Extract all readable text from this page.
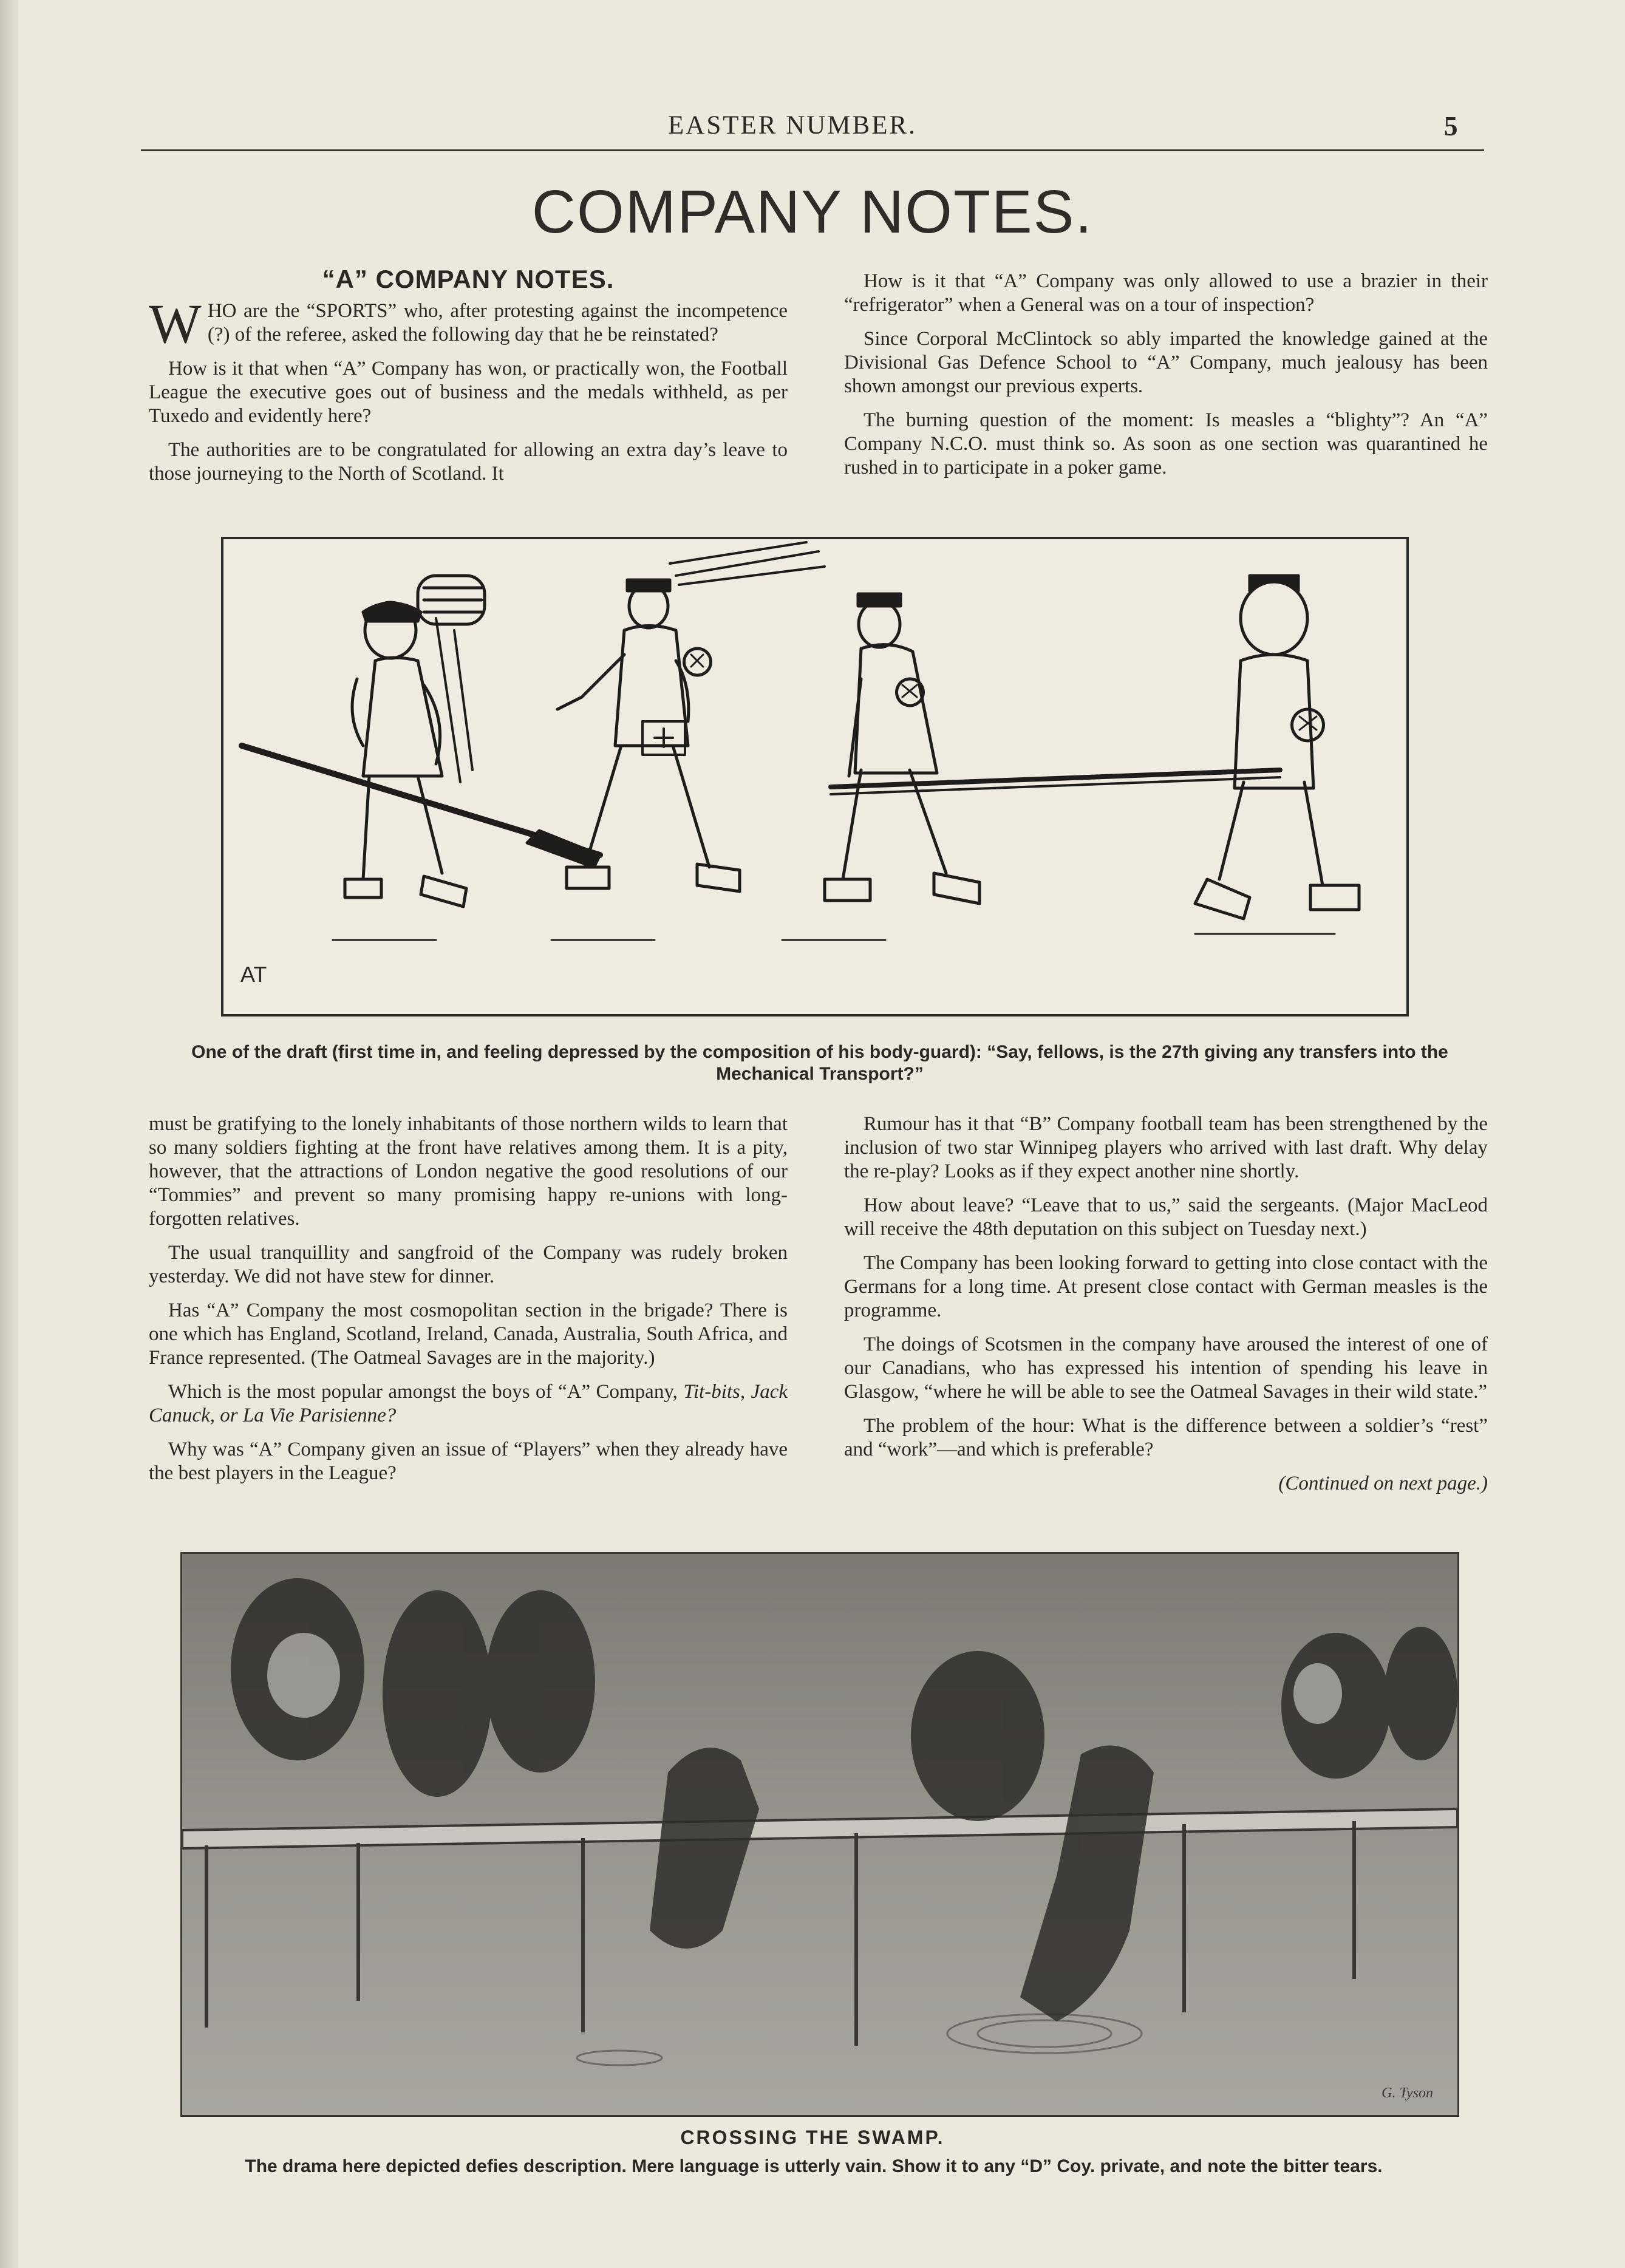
EASTER NUMBER.	5
COMPANY NOTES.
“A” COMPANY NOTES.

WHO are the “SPORTS” who, after protesting against the incompetence (?) of the referee, asked the following day that he be reinstated?

How is it that when “A” Company has won, or practically won, the Football League the executive goes out of business and the medals withheld, as per Tuxedo and evidently here?

The authorities are to be congratulated for allowing an extra day’s leave to those journeying to the North of Scotland. It

How is it that “A” Company was only allowed to use a brazier in their “refrigerator” when a General was on a tour of inspection?

Since Corporal McClintock so ably imparted the knowledge gained at the Divisional Gas Defence School to “A” Company, much jealousy has been shown amongst our previous experts.

The burning question of the moment: Is measles a “blighty”? An “A” Company N.C.O. must think so. As soon as one section was quarantined he rushed in to participate in a poker game.

AT
One of the draft (first time in, and feeling depressed by the composition of his body-guard): “Say, fellows, is the 27th giving any transfers into the Mechanical Transport?”

must be gratifying to the lonely inhabitants of those northern wilds to learn that so many soldiers fighting at the front have relatives among them. It is a pity, however, that the attractions of London negative the good resolutions of our “Tommies” and prevent so many promising happy re-unions with long-forgotten relatives.

The usual tranquillity and sangfroid of the Company was rudely broken yesterday. We did not have stew for dinner.

Has “A” Company the most cosmopolitan section in the brigade? There is one which has England, Scotland, Ireland, Canada, Australia, South Africa, and France represented. (The Oatmeal Savages are in the majority.)

Which is the most popular amongst the boys of “A” Company, Tit-bits, Jack Canuck, or La Vie Parisienne?

Why was “A” Company given an issue of “Players” when they already have the best players in the League?

Rumour has it that “B” Company football team has been strengthened by the inclusion of two star Winnipeg players who arrived with last draft. Why delay the re-play? Looks as if they expect another nine shortly.

How about leave? “Leave that to us,” said the sergeants. (Major MacLeod will receive the 48th deputation on this subject on Tuesday next.)

The Company has been looking forward to getting into close contact with the Germans for a long time. At present close contact with German measles is the programme.

The doings of Scotsmen in the company have aroused the interest of one of our Canadians, who has expressed his intention of spending his leave in Glasgow, “where he will be able to see the Oatmeal Savages in their wild state.”

The problem of the hour: What is the difference between a soldier’s “rest” and “work”—and which is preferable?

(Continued on next page.)

G. Tyson
CROSSING THE SWAMP.
The drama here depicted defies description. Mere language is utterly vain. Show it to any “D” Coy. private, and note the bitter tears.
